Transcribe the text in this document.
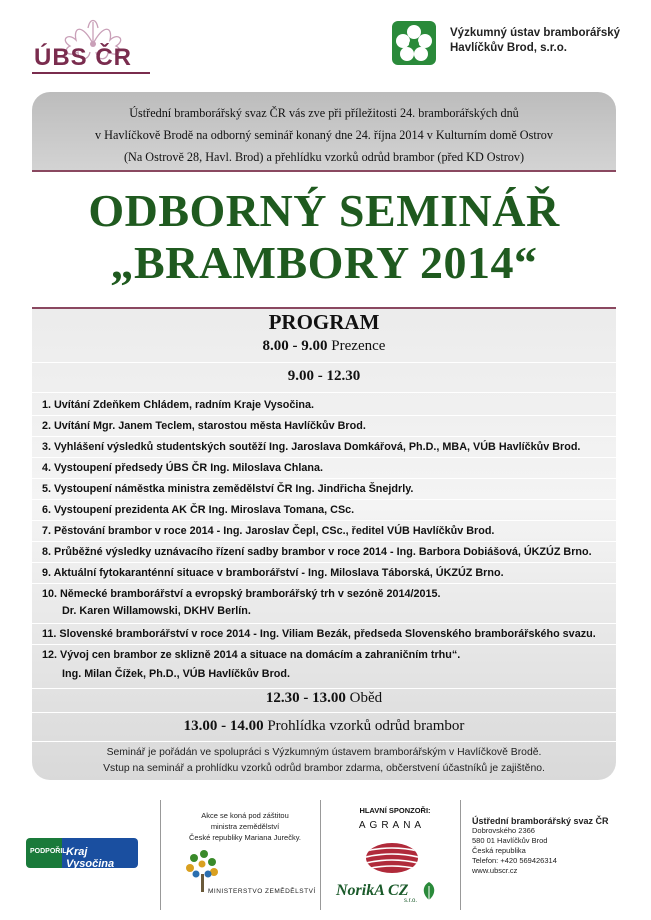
ÚBS ČR
Výzkumný ústav bramborářský
Havlíčkův Brod, s.r.o.
Ústřední bramborářský svaz ČR vás zve při příležitosti 24. bramborářských dnů
v Havlíčkově Brodě na odborný seminář konaný dne 24. října 2014 v Kulturním domě Ostrov
(Na Ostrově 28, Havl. Brod) a přehlídku vzorků odrůd brambor (před KD Ostrov)
ODBORNÝ SEMINÁŘ
„BRAMBORY 2014“
PROGRAM
8.00 - 9.00 Prezence
9.00 - 12.30
1. Uvítání Zdeňkem Chládem, radním Kraje Vysočina.
2. Uvítání Mgr. Janem Teclem, starostou města Havlíčkův Brod.
3. Vyhlášení výsledků studentských soutěží Ing. Jaroslava Domkářová, Ph.D., MBA, VÚB Havlíčkův Brod.
4. Vystoupení předsedy ÚBS ČR Ing. Miloslava Chlana.
5. Vystoupení náměstka ministra zemědělství ČR Ing. Jindřicha Šnejdrly.
6. Vystoupení prezidenta AK ČR Ing. Miroslava Tomana, CSc.
7. Pěstování brambor v roce 2014 - Ing. Jaroslav Čepl, CSc., ředitel VÚB Havlíčkův Brod.
8. Průběžné výsledky uznávacího řízení sadby brambor v roce 2014 - Ing. Barbora Dobiášová, ÚKZÚZ Brno.
9. Aktuální fytokaranténní situace v bramborářství - Ing. Miloslava Táborská, ÚKZÚZ Brno.
10. Německé bramborářství a evropský bramborářský trh v sezóně 2014/2015.
Dr. Karen Willamowski, DKHV Berlín.
11. Slovenské bramborářství v roce 2014 - Ing. Viliam Bezák, předseda Slovenského bramborářského svazu.
12. Vývoj cen brambor ze sklizně 2014 a situace na domácím a zahraničním trhu“.
Ing. Milan Čížek, Ph.D., VÚB Havlíčkův Brod.
12.30 - 13.00 Oběd
13.00 - 14.00 Prohlídka vzorků odrůd brambor
Seminář je pořádán ve spolupráci s Výzkumným ústavem bramborářským v Havlíčkově Brodě.
Vstup na seminář a prohlídku vzorků odrůd brambor zdarma, občerstvení účastníků je zajištěno.
PODPOŘIL Kraj Vysočina
Akce se koná pod záštitou
ministra zemědělství
České republiky Mariana Jurečky.
MINISTERSTVO ZEMĚDĚLSTVÍ
HLAVNÍ SPONZOŘI:
AGRANA
NorikA CZ
s.r.o.
Ústřední bramborářský svaz ČR
Dobrovského 2366
580 01 Havlíčkův Brod
Česká republika
Telefon: +420 569426314
www.ubscr.cz
